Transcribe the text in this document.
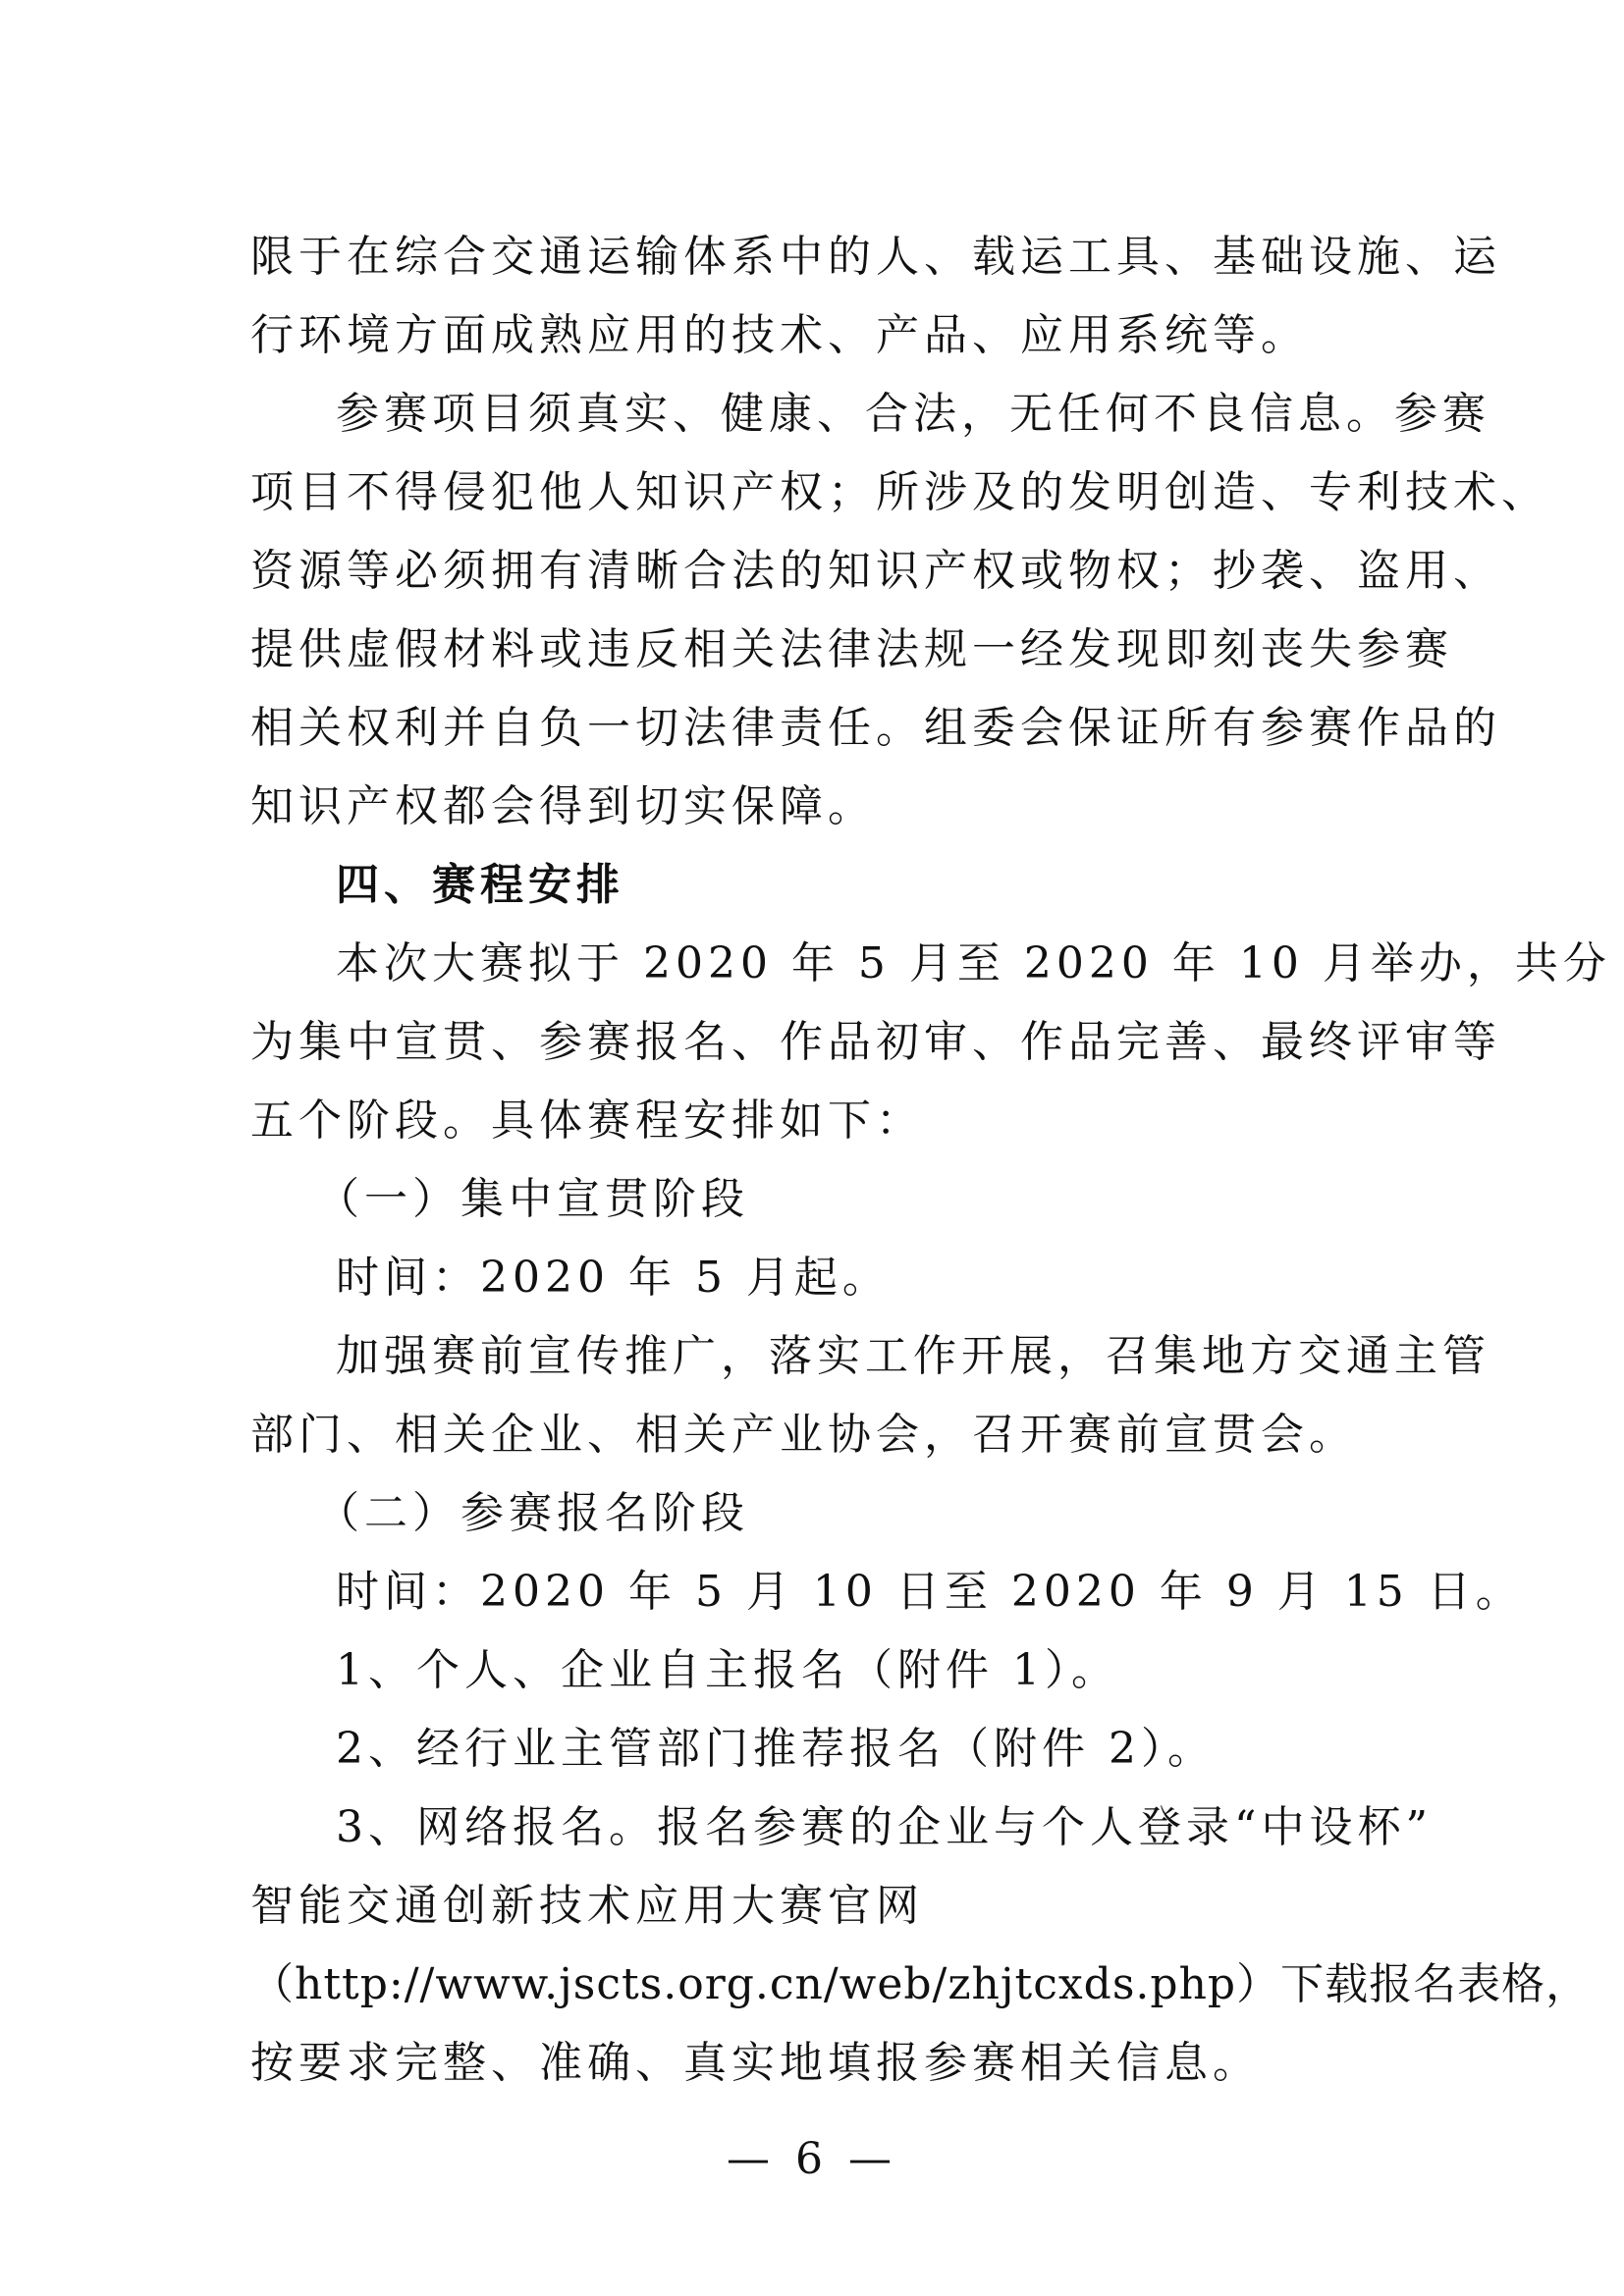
限于在综合交通运输体系中的人、载运工具、基础设施、运
行环境方面成熟应用的技术、产品、应用系统等。
参赛项目须真实、健康、合法，无任何不良信息。参赛
项目不得侵犯他人知识产权；所涉及的发明创造、专利技术、
资源等必须拥有清晰合法的知识产权或物权；抄袭、盗用、
提供虚假材料或违反相关法律法规一经发现即刻丧失参赛
相关权利并自负一切法律责任。组委会保证所有参赛作品的
知识产权都会得到切实保障。
四、赛程安排
本次大赛拟于 2020 年 5 月至 2020 年 10 月举办，共分
为集中宣贯、参赛报名、作品初审、作品完善、最终评审等
五个阶段。具体赛程安排如下：
（一）集中宣贯阶段
时间：2020 年 5 月起。
加强赛前宣传推广，落实工作开展，召集地方交通主管
部门、相关企业、相关产业协会，召开赛前宣贯会。
（二）参赛报名阶段
时间：2020 年 5 月 10 日至 2020 年 9 月 15 日。
1、个人、企业自主报名（附件 1）。
2、经行业主管部门推荐报名（附件 2）。
3、网络报名。报名参赛的企业与个人登录“中设杯”
智能交通创新技术应用大赛官网
（http://www.jscts.org.cn/web/zhjtcxds.php）下载报名表格，
按要求完整、准确、真实地填报参赛相关信息。
— 6 —
